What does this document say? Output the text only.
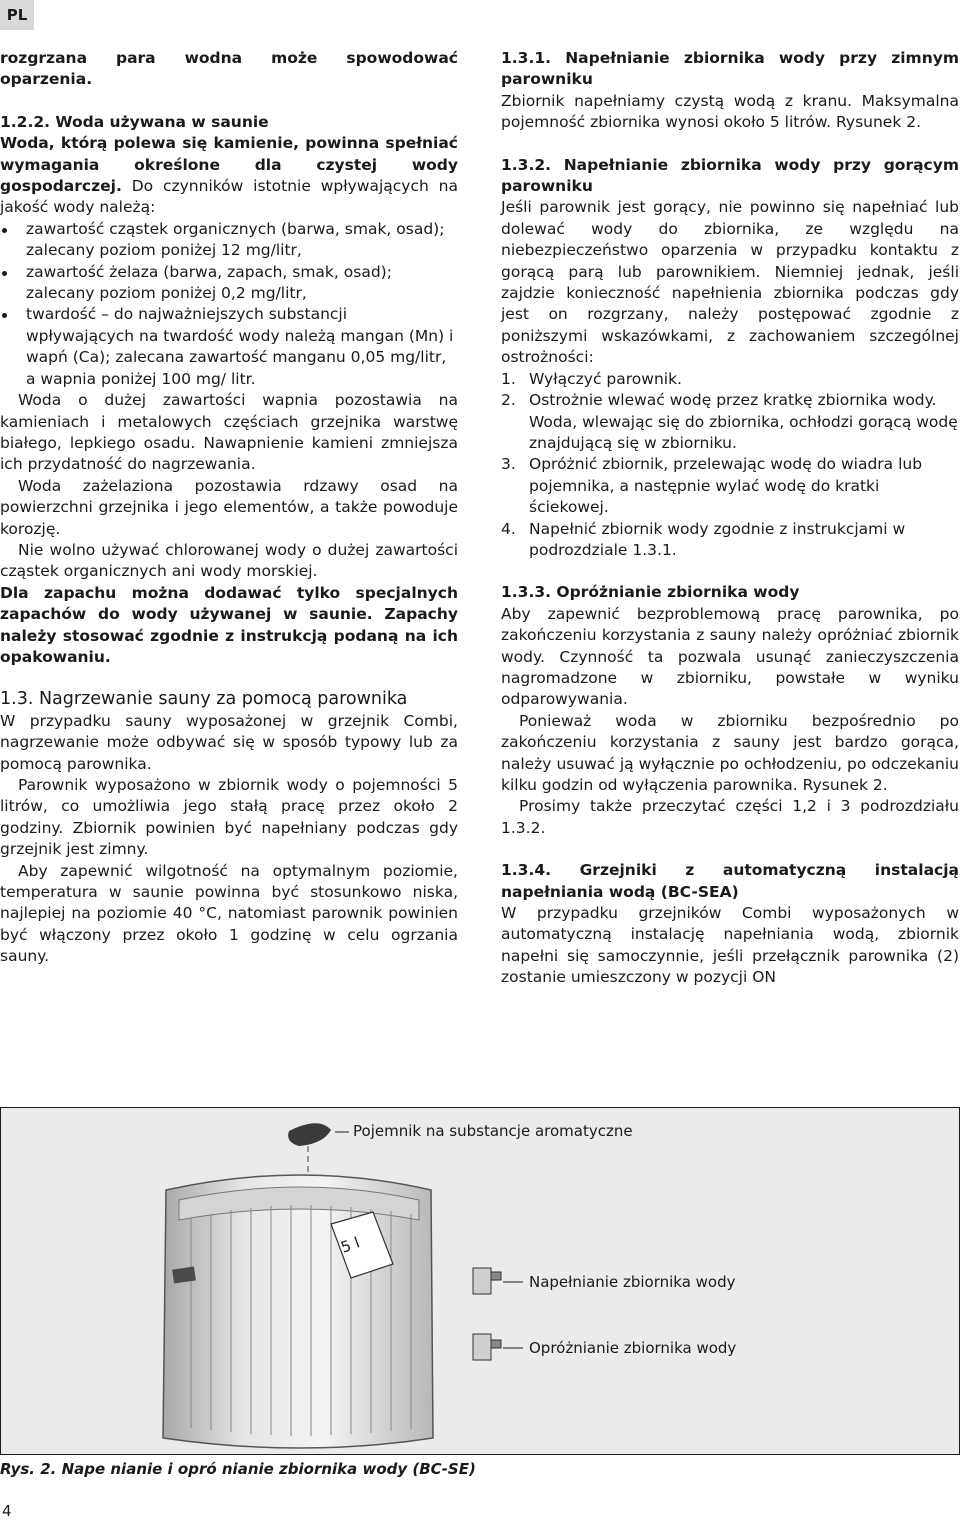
PL

rozgrzana para wodna może spowodować oparzenia.

1.2.2. Woda używana w saunie

Woda, którą polewa się kamienie, powinna spełniać wymagania określone dla czystej wody gospodarczej. Do czynników istotnie wpływających na jakość wody należą:

zawartość cząstek organicznych (barwa, smak, osad); zalecany poziom poniżej 12 mg/litr,
zawartość żelaza (barwa, zapach, smak, osad); zalecany poziom poniżej 0,2 mg/litr,
twardość – do najważniejszych substancji wpływających na twardość wody należą mangan (Mn) i wapń (Ca); zalecana zawartość manganu 0,05 mg/litr, a wapnia poniżej 100 mg/ litr.

Woda o dużej zawartości wapnia pozostawia na kamieniach i metalowych częściach grzejnika warstwę białego, lepkiego osadu. Nawapnienie kamieni zmniejsza ich przydatność do nagrzewania.

Woda zażelaziona pozostawia rdzawy osad na powierzchni grzejnika i jego elementów, a także powoduje korozję.

Nie wolno używać chlorowanej wody o dużej zawartości cząstek organicznych ani wody morskiej.

Dla zapachu można dodawać tylko specjalnych zapachów do wody używanej w saunie. Zapachy należy stosować zgodnie z instrukcją podaną na ich opakowaniu.

1.3. Nagrzewanie sauny za pomocą parownika

W przypadku sauny wyposażonej w grzejnik Combi, nagrzewanie może odbywać się w sposób typowy lub za pomocą parownika.

Parownik wyposażono w zbiornik wody o pojemności 5 litrów, co umożliwia jego stałą pracę przez około 2 godziny. Zbiornik powinien być napełniany podczas gdy grzejnik jest zimny.

Aby zapewnić wilgotność na optymalnym poziomie, temperatura w saunie powinna być stosunkowo niska, najlepiej na poziomie 40 °C, natomiast parownik powinien być włączony przez około 1 godzinę w celu ogrzania sauny.

1.3.1. Napełnianie zbiornika wody przy zimnym parowniku

Zbiornik napełniamy czystą wodą z kranu. Maksymalna pojemność zbiornika wynosi około 5 litrów. Rysunek 2.

1.3.2. Napełnianie zbiornika wody przy gorącym parowniku

Jeśli parownik jest gorący, nie powinno się napełniać lub dolewać wody do zbiornika, ze względu na niebezpieczeństwo oparzenia w przypadku kontaktu z gorącą parą lub parownikiem. Niemniej jednak, jeśli zajdzie konieczność napełnienia zbiornika podczas gdy jest on rozgrzany, należy postępować zgodnie z poniższymi wskazówkami, z zachowaniem szczególnej ostrożności:

1. Wyłączyć parownik.
2. Ostrożnie wlewać wodę przez kratkę zbiornika wody. Woda, wlewając się do zbiornika, ochłodzi gorącą wodę znajdującą się w zbiorniku.
3. Opróżnić zbiornik, przelewając wodę do wiadra lub pojemnika, a następnie wylać wodę do kratki ściekowej.
4. Napełnić zbiornik wody zgodnie z instrukcjami w podrozdziale 1.3.1.

1.3.3. Opróżnianie zbiornika wody

Aby zapewnić bezproblemową pracę parownika, po zakończeniu korzystania z sauny należy opróżniać zbiornik wody. Czynność ta pozwala usunąć zanieczyszczenia nagromadzone w zbiorniku, powstałe w wyniku odparowywania.

Ponieważ woda w zbiorniku bezpośrednio po zakończeniu korzystania z sauny jest bardzo gorąca, należy usuwać ją wyłącznie po ochłodzeniu, po odczekaniu kilku godzin od wyłączenia parownika. Rysunek 2.

Prosimy także przeczytać części 1,2 i 3 podrozdziału 1.3.2.

1.3.4. Grzejniki z automatyczną instalacją napełniania wodą (BC-SEA)

W przypadku grzejników Combi wyposażonych w automatyczną instalację napełniania wodą, zbiornik napełni się samoczynnie, jeśli przełącznik parownika (2) zostanie umieszczony w pozycji ON

5 l
Pojemnik na substancje aromatyczne
Napełnianie zbiornika wody
Opróżnianie zbiornika wody
Rys. 2. Nape nianie i opró nianie zbiornika wody (BC-SE)
4
